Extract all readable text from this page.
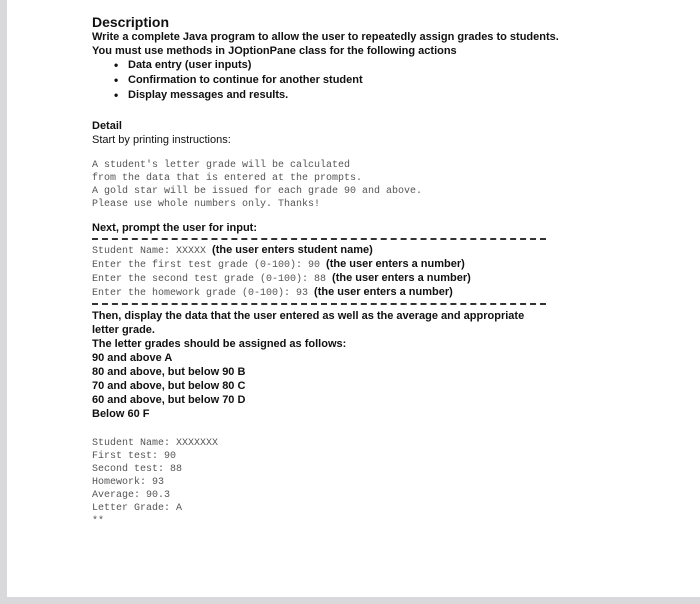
Description
Write a complete Java program to allow the user to repeatedly assign grades to students.
You must use methods in JOptionPane class for the following actions
• Data entry (user inputs)
• Confirmation to continue for another student
• Display messages and results.
Detail
Start by printing instructions:
A student's letter grade will be calculated
from the data that is entered at the prompts.
A gold star will be issued for each grade 90 and above.
Please use whole numbers only. Thanks!
Next, prompt the user for input:
Student Name: XXXXX (the user enters student name)
Enter the first test grade (0-100): 90 (the user enters a number)
Enter the second test grade (0-100): 88 (the user enters a number)
Enter the homework grade (0-100): 93 (the user enters a number)
Then, display the data that the user entered as well as the average and appropriate
letter grade.
The letter grades should be assigned as follows:
90 and above A
80 and above, but below 90 B
70 and above, but below 80 C
60 and above, but below 70 D
Below 60 F
Student Name: XXXXXXX
First test: 90
Second test: 88
Homework: 93
Average: 90.3
Letter Grade: A
**
